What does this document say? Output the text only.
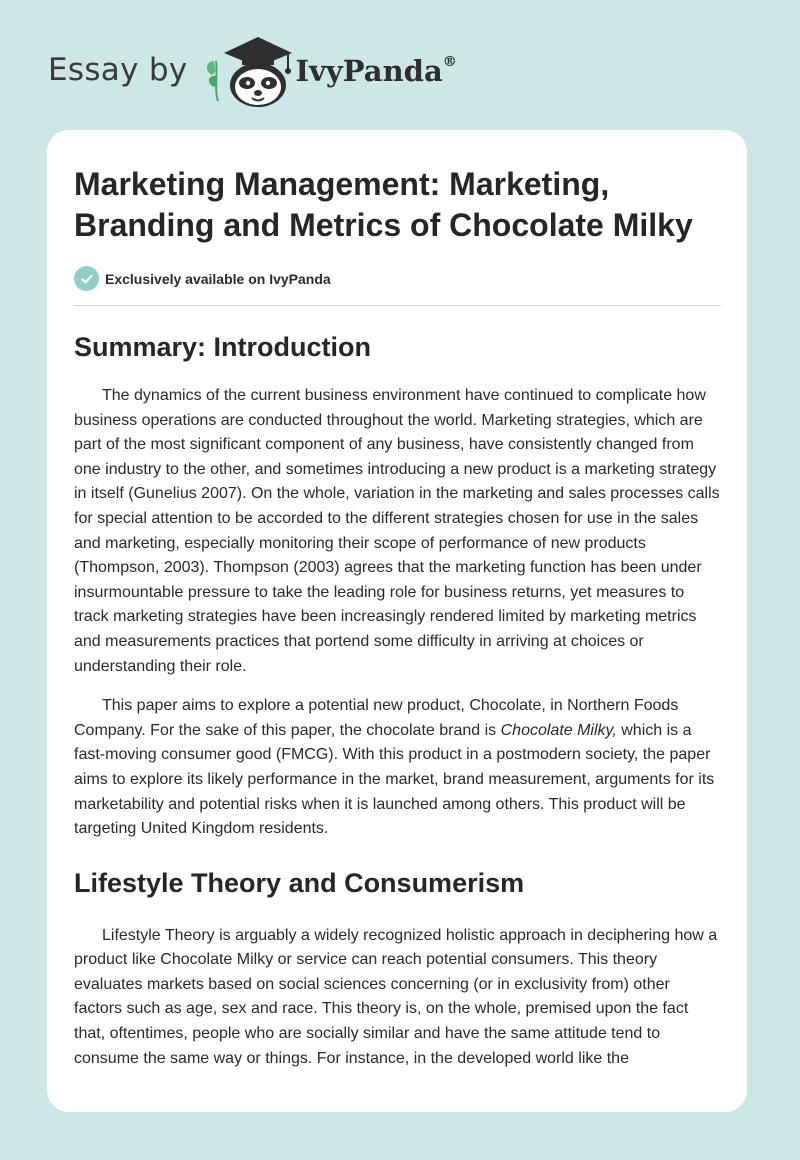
Essay by	IvyPanda®
Marketing Management: Marketing, Branding and Metrics of Chocolate Milky
Exclusively available on IvyPanda
Summary: Introduction

The dynamics of the current business environment have continued to complicate how business operations are conducted throughout the world. Marketing strategies, which are part of the most significant component of any business, have consistently changed from one industry to the other, and sometimes introducing a new product is a marketing strategy in itself (Gunelius 2007). On the whole, variation in the marketing and sales processes calls for special attention to be accorded to the different strategies chosen for use in the sales and marketing, especially monitoring their scope of performance of new products (Thompson, 2003). Thompson (2003) agrees that the marketing function has been under insurmountable pressure to take the leading role for business returns, yet measures to track marketing strategies have been increasingly rendered limited by marketing metrics and measurements practices that portend some difficulty in arriving at choices or understanding their role.

This paper aims to explore a potential new product, Chocolate, in Northern Foods Company. For the sake of this paper, the chocolate brand is Chocolate Milky, which is a fast-moving consumer good (FMCG). With this product in a postmodern society, the paper aims to explore its likely performance in the market, brand measurement, arguments for its marketability and potential risks when it is launched among others. This product will be targeting United Kingdom residents.

Lifestyle Theory and Consumerism

Lifestyle Theory is arguably a widely recognized holistic approach in deciphering how a product like Chocolate Milky or service can reach potential consumers. This theory evaluates markets based on social sciences concerning (or in exclusivity from) other factors such as age, sex and race. This theory is, on the whole, premised upon the fact that, oftentimes, people who are socially similar and have the same attitude tend to consume the same way or things. For instance, in the developed world like the
